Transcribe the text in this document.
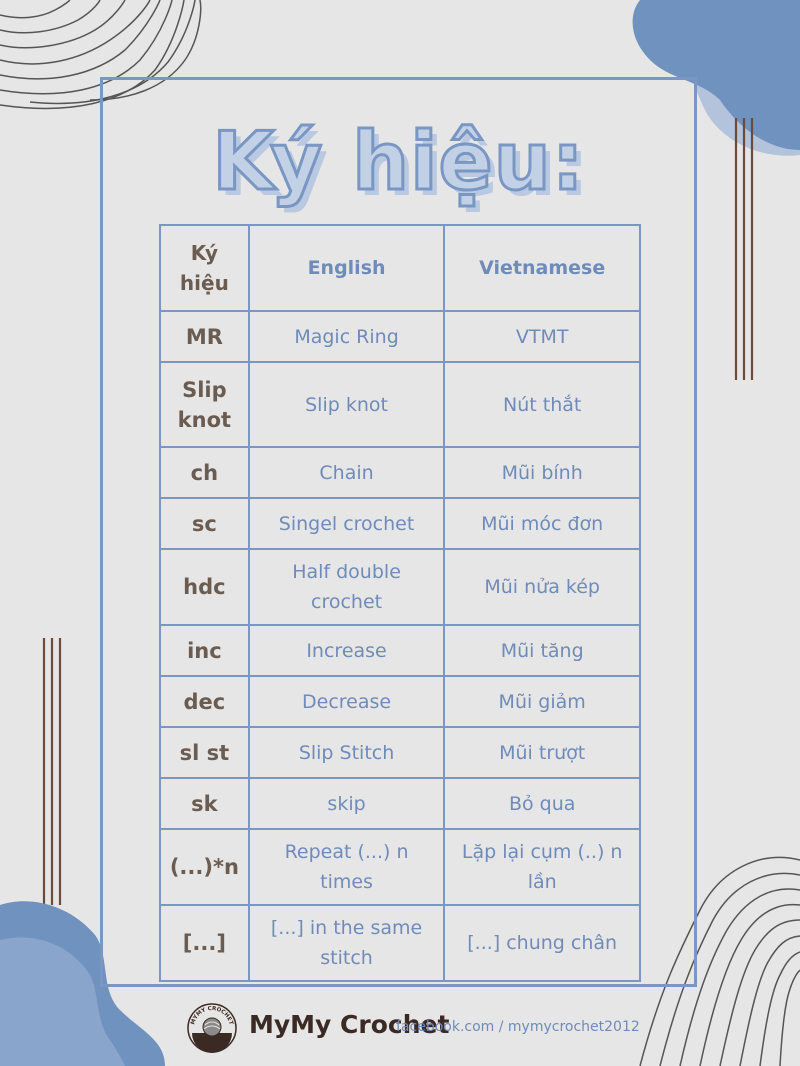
Ký hiệu:
Ký hiệu	English	Vietnamese
MR	Magic Ring	VTMT
Slip knot	Slip knot	Nút thắt
ch	Chain	Mũi bính
sc	Singel crochet	Mũi móc đơn
hdc	Half double crochet	Mũi nửa kép
inc	Increase	Mũi tăng
dec	Decrease	Mũi giảm
sl st	Slip Stitch	Mũi trượt
sk	skip	Bỏ qua
(...)*n	Repeat (...) n times	Lặp lại cụm (..) n lần
[...]	[...] in the same stitch	[...] chung chân
MYMY CROCHET MyMy Crochet
facebook.com / mymycrochet2012
